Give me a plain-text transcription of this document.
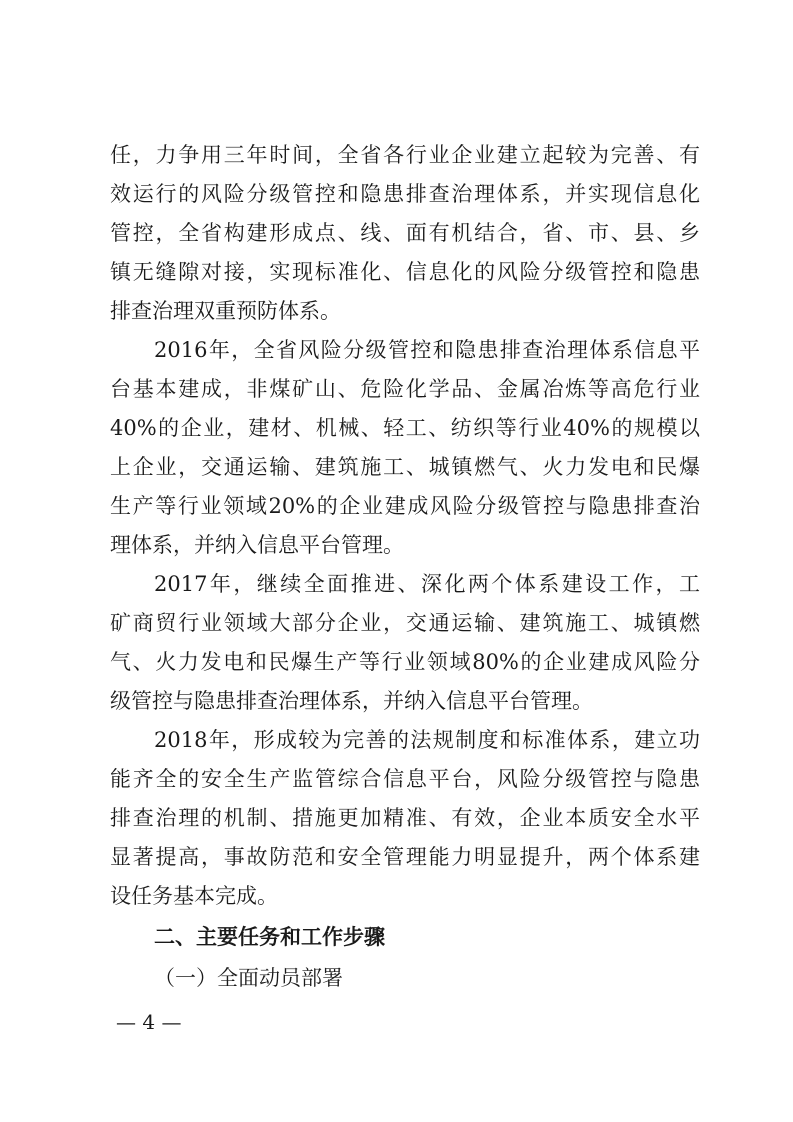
任，力争用三年时间，全省各行业企业建立起较为完善、有
效运行的风险分级管控和隐患排查治理体系，并实现信息化
管控，全省构建形成点、线、面有机结合，省、市、县、乡
镇无缝隙对接，实现标准化、信息化的风险分级管控和隐患
排查治理双重预防体系。
2016年，全省风险分级管控和隐患排查治理体系信息平
台基本建成，非煤矿山、危险化学品、金属冶炼等高危行业
40%的企业，建材、机械、轻工、纺织等行业40%的规模以
上企业，交通运输、建筑施工、城镇燃气、火力发电和民爆
生产等行业领域20%的企业建成风险分级管控与隐患排查治
理体系，并纳入信息平台管理。
2017年，继续全面推进、深化两个体系建设工作，工
矿商贸行业领域大部分企业，交通运输、建筑施工、城镇燃
气、火力发电和民爆生产等行业领域80%的企业建成风险分
级管控与隐患排查治理体系，并纳入信息平台管理。
2018年，形成较为完善的法规制度和标准体系，建立功
能齐全的安全生产监管综合信息平台，风险分级管控与隐患
排查治理的机制、措施更加精准、有效，企业本质安全水平
显著提高，事故防范和安全管理能力明显提升，两个体系建
设任务基本完成。
二、主要任务和工作步骤
（一）全面动员部署
— 4 —
